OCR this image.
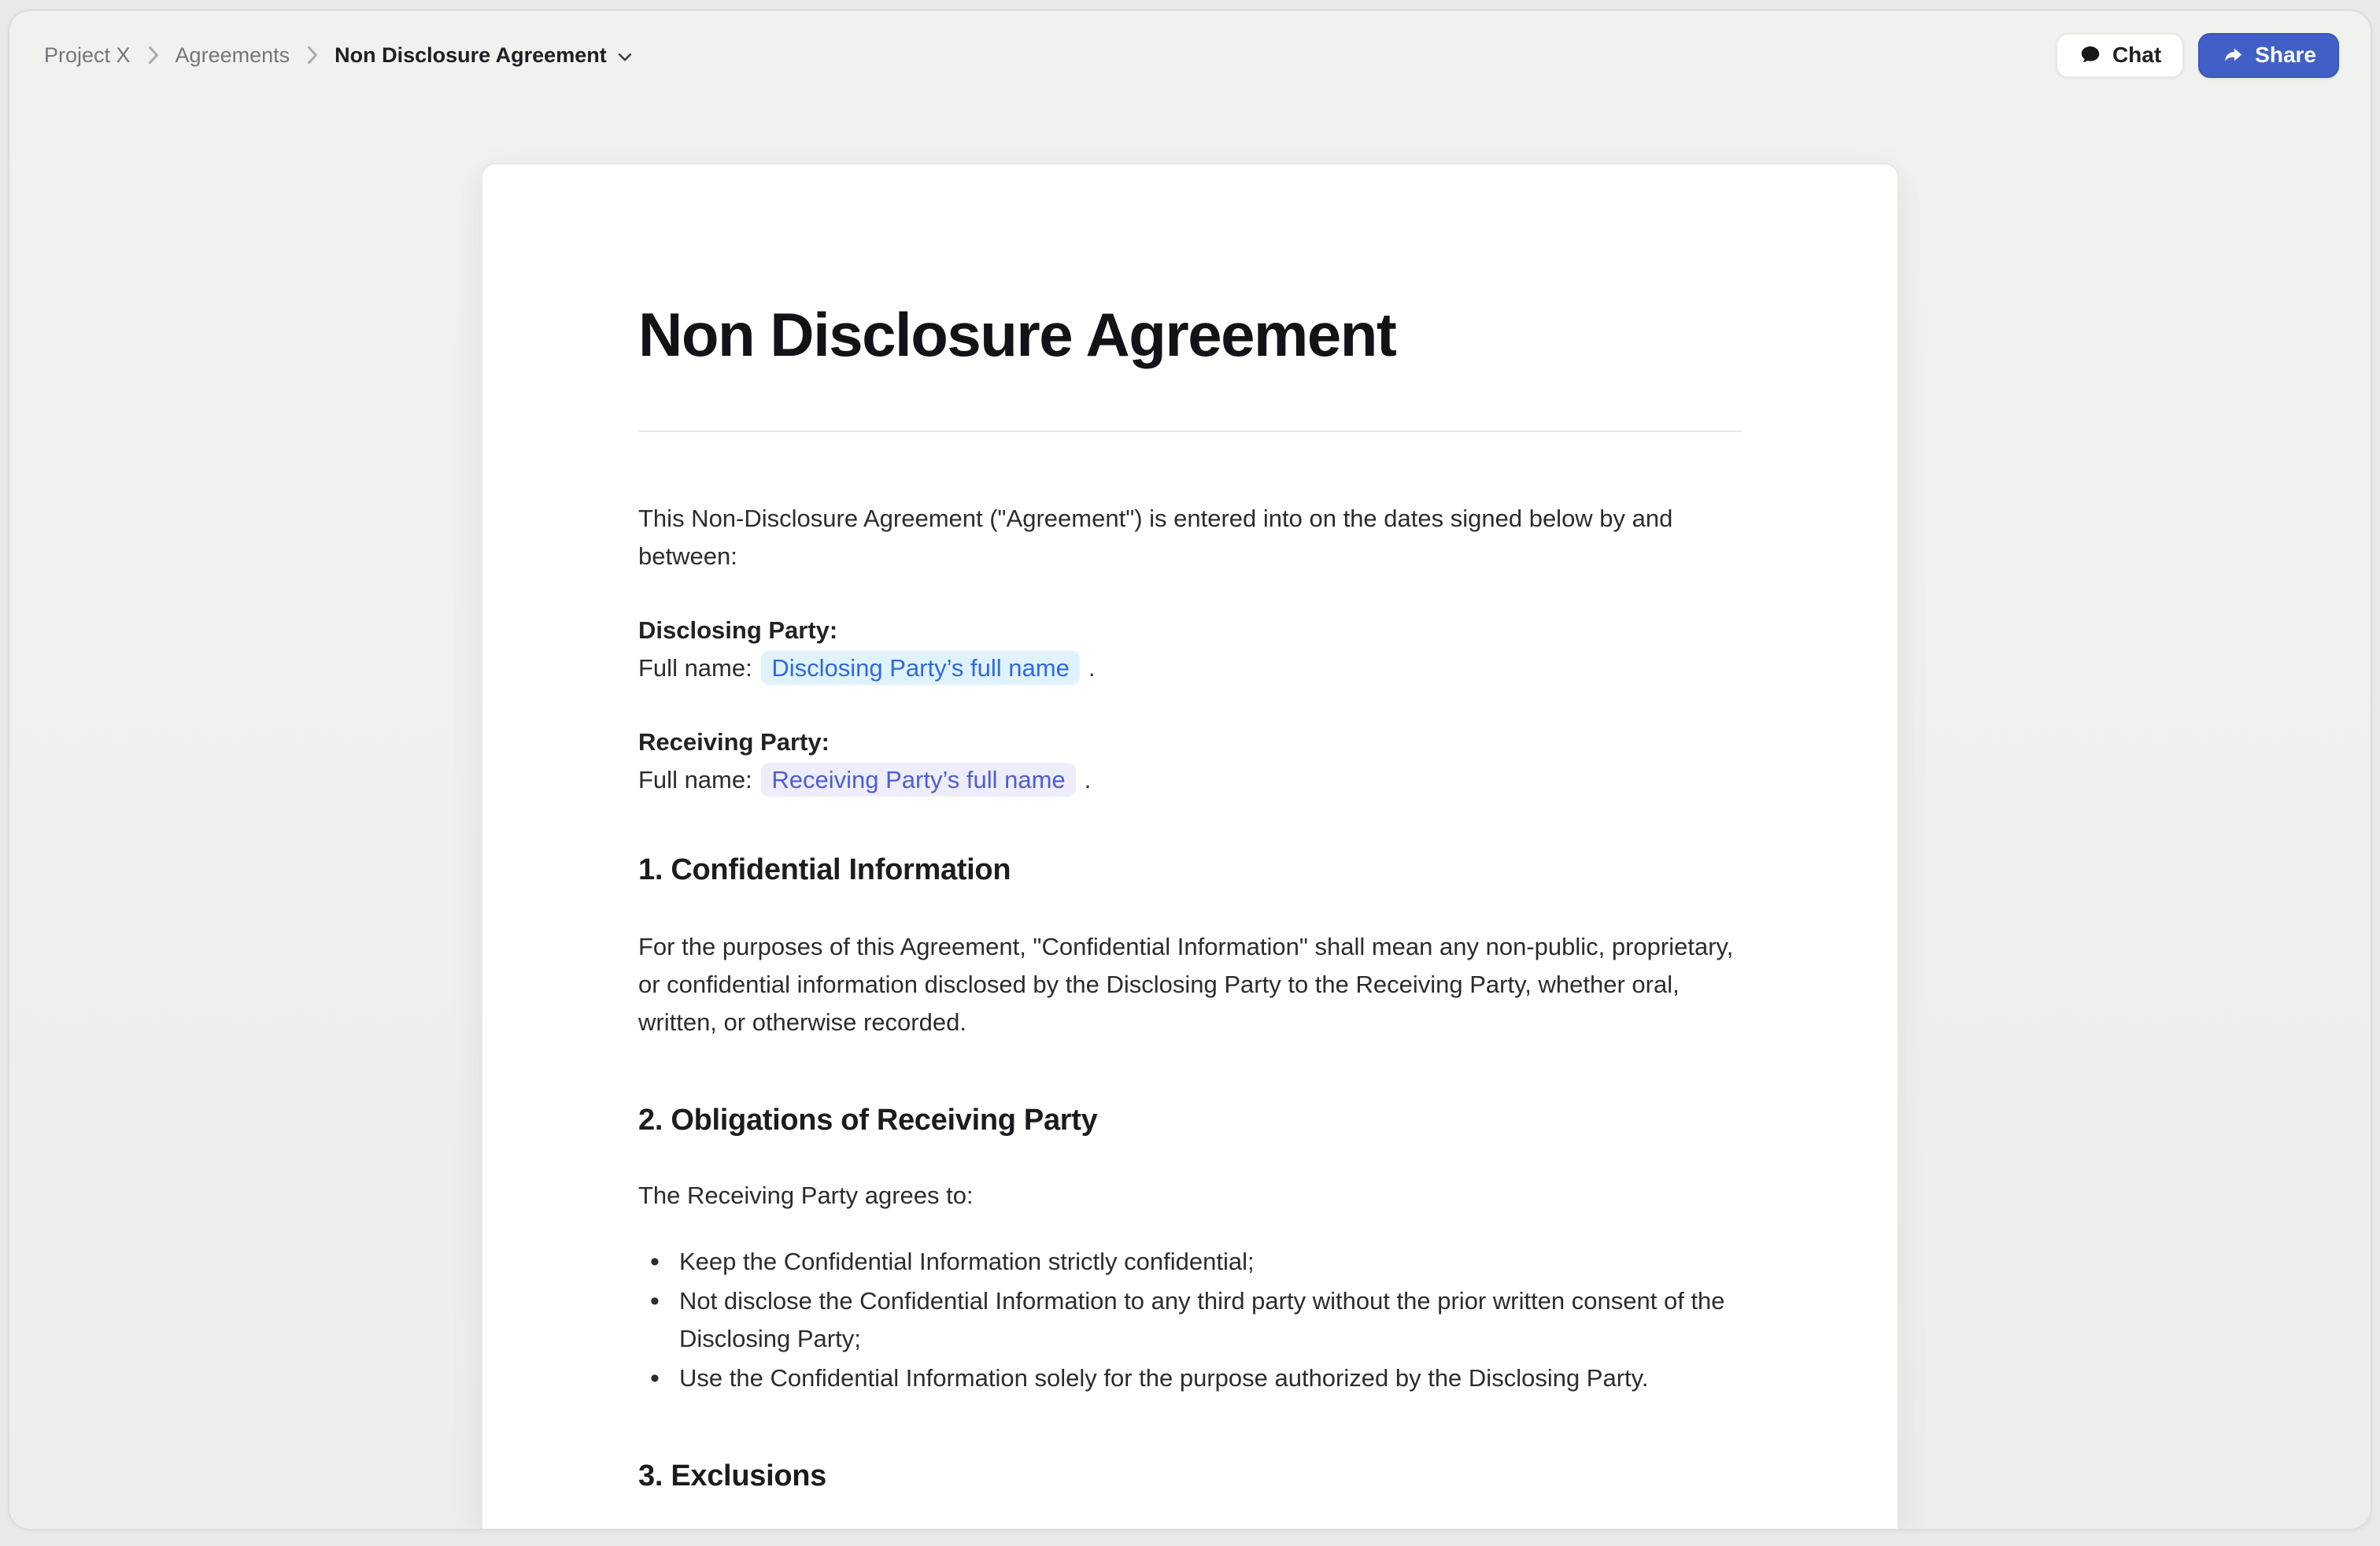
Project X Agreements Non Disclosure Agreement	Chat	Share
Non Disclosure Agreement

This Non-Disclosure Agreement ("Agreement") is entered into on the dates signed below by and between:

Disclosing Party:
Full name: Disclosing Party’s full name .

Receiving Party:
Full name: Receiving Party’s full name .

1. Confidential Information

For the purposes of this Agreement, "Confidential Information" shall mean any non-public, proprietary, or confidential information disclosed by the Disclosing Party to the Receiving Party, whether oral, written, or otherwise recorded.

2. Obligations of Receiving Party

The Receiving Party agrees to:

• Keep the Confidential Information strictly confidential;
• Not disclose the Confidential Information to any third party without the prior written consent of the Disclosing Party;
• Use the Confidential Information solely for the purpose authorized by the Disclosing Party.
3. Exclusions
